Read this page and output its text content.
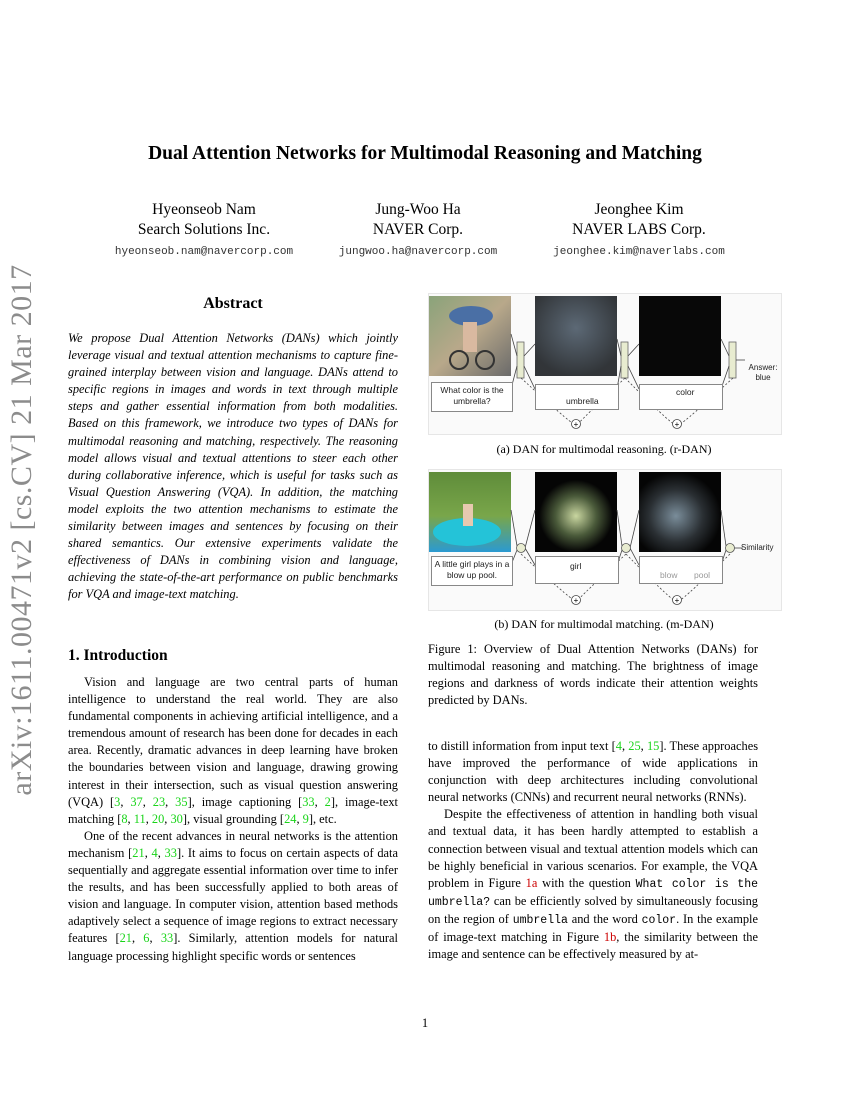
arXiv:1611.00471v2 [cs.CV] 21 Mar 2017
Dual Attention Networks for Multimodal Reasoning and Matching
Hyeonseob Nam
Search Solutions Inc.
hyeonseob.nam@navercorp.com
Jung-Woo Ha
NAVER Corp.
jungwoo.ha@navercorp.com
Jeonghee Kim
NAVER LABS Corp.
jeonghee.kim@naverlabs.com
Abstract
We propose Dual Attention Networks (DANs) which jointly leverage visual and textual attention mechanisms to capture fine-grained interplay between vision and language. DANs attend to specific regions in images and words in text through multiple steps and gather essential information from both modalities. Based on this framework, we introduce two types of DANs for multimodal reasoning and matching, respectively. The reasoning model allows visual and textual attentions to steer each other during collaborative inference, which is useful for tasks such as Visual Question Answering (VQA). In addition, the matching model exploits the two attention mechanisms to estimate the similarity between images and sentences by focusing on their shared semantics. Our extensive experiments validate the effectiveness of DANs in combining vision and language, achieving the state-of-the-art performance on public benchmarks for VQA and image-text matching.
1. Introduction

Vision and language are two central parts of human intelligence to understand the real world. They are also fundamental components in achieving artificial intelligence, and a tremendous amount of research has been done for decades in each area. Recently, dramatic advances in deep learning have broken the boundaries between vision and language, drawing growing interest in their intersection, such as visual question answering (VQA) [3, 37, 23, 35], image captioning [33, 2], image-text matching [8, 11, 20, 30], visual grounding [24, 9], etc.

One of the recent advances in neural networks is the attention mechanism [21, 4, 33]. It aims to focus on certain aspects of data sequentially and aggregate essential information over time to infer the results, and has been successfully applied to both areas of vision and language. In computer vision, attention based methods adaptively select a sequence of image regions to extract necessary features [21, 6, 33]. Similarly, attention models for natural language processing highlight specific words or sentences

+	+
What color is the umbrella?	umbrella
color
Answer: blue
(a) DAN for multimodal reasoning. (r-DAN)
+	+
A little girl plays in a blow up pool.
girl
blow pool
Similarity
(b) DAN for multimodal matching. (m-DAN)
Figure 1: Overview of Dual Attention Networks (DANs) for multimodal reasoning and matching. The brightness of image regions and darkness of words indicate their attention weights predicted by DANs.

to distill information from input text [4, 25, 15]. These approaches have improved the performance of wide applications in conjunction with deep architectures including convolutional neural networks (CNNs) and recurrent neural networks (RNNs).

Despite the effectiveness of attention in handling both visual and textual data, it has been hardly attempted to establish a connection between visual and textual attention models which can be highly beneficial in various scenarios. For example, the VQA problem in Figure 1a with the question What color is the umbrella? can be efficiently solved by simultaneously focusing on the region of umbrella and the word color. In the example of image-text matching in Figure 1b, the similarity between the image and sentence can be effectively measured by at-

1
